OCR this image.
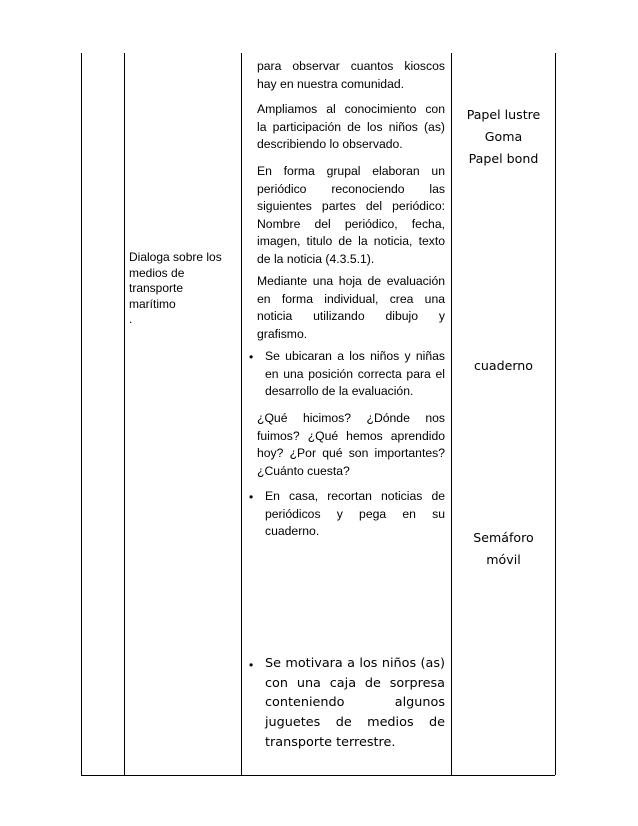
Dialoga sobre los
medios de
transporte
marítimo
.
para observar cuantos kioscos
hay en nuestra comunidad.
Ampliamos al conocimiento con
la participación de los niños (as)
describiendo lo observado.
En forma grupal elaboran un
periódico reconociendo las
siguientes partes del periódico:
Nombre del periódico, fecha,
imagen, titulo de la noticia, texto
de la noticia (4.3.5.1).
Mediante una hoja de evaluación
en forma individual, crea una
noticia utilizando dibujo y
grafismo.
• Se ubicaran a los niños y niñas
en una posición correcta para el
desarrollo de la evaluación.
¿Qué hicimos? ¿Dónde nos
fuimos? ¿Qué hemos aprendido
hoy? ¿Por qué son importantes?
¿Cuánto cuesta?
• En casa, recortan noticias de
periódicos y pega en su
cuaderno.
• Se motivara a los niños (as)
con una caja de sorpresa
conteniendo algunos
juguetes de medios de
transporte terrestre.
Papel lustre
Goma
Papel bond
cuaderno
Semáforo
móvil
